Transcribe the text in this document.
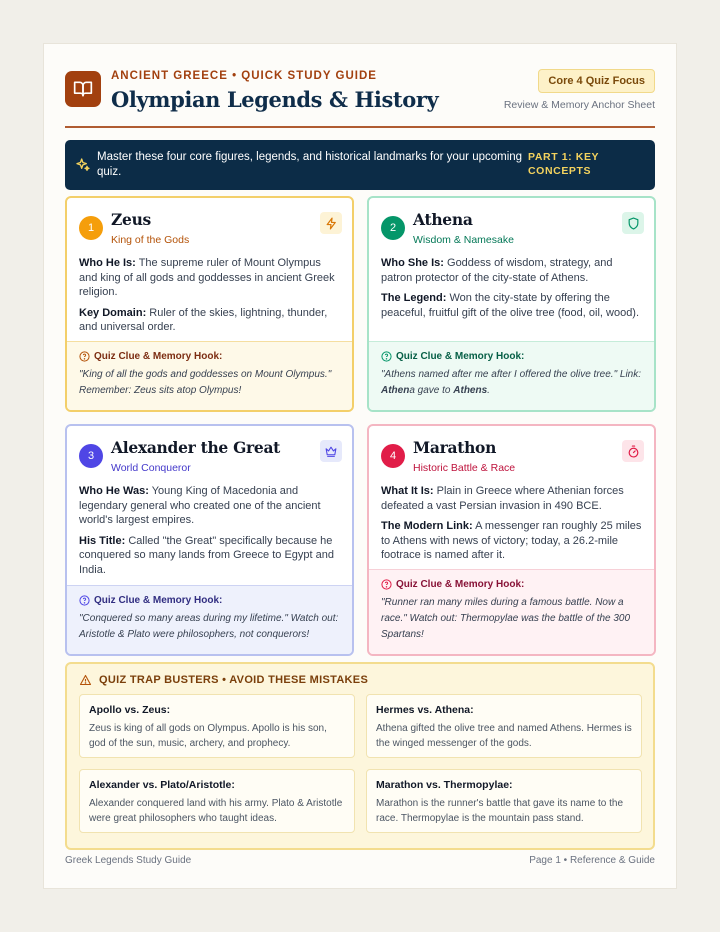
ANCIENT GREECE • QUICK STUDY GUIDE
Olympian Legends & History
Core 4 Quiz Focus
Review & Memory Anchor Sheet
Master these four core figures, legends, and historical landmarks for your upcoming quiz.
PART 1: KEY CONCEPTS
1	Zeus
King of the Gods

Who He Is: The supreme ruler of Mount Olympus and king of all gods and goddesses in ancient Greek religion.

Key Domain: Ruler of the skies, lightning, thunder, and universal order.

Quiz Clue & Memory Hook:
"King of all the gods and goddesses on Mount Olympus." Remember: Zeus sits atop Olympus!
2	Athena
Wisdom & Namesake

Who She Is: Goddess of wisdom, strategy, and patron protector of the city-state of Athens.

The Legend: Won the city-state by offering the peaceful, fruitful gift of the olive tree (food, oil, wood).

Quiz Clue & Memory Hook:
"Athens named after me after I offered the olive tree." Link: Athena gave to Athens.
3	Alexander the Great
World Conqueror

Who He Was: Young King of Macedonia and legendary general who created one of the ancient world's largest empires.

His Title: Called "the Great" specifically because he conquered so many lands from Greece to Egypt and India.

Quiz Clue & Memory Hook:
"Conquered so many areas during my lifetime." Watch out: Aristotle & Plato were philosophers, not conquerors!
4	Marathon
Historic Battle & Race

What It Is: Plain in Greece where Athenian forces defeated a vast Persian invasion in 490 BCE.

The Modern Link: A messenger ran roughly 25 miles to Athens with news of victory; today, a 26.2-mile footrace is named after it.

Quiz Clue & Memory Hook:
"Runner ran many miles during a famous battle. Now a race." Watch out: Thermopylae was the battle of the 300 Spartans!
QUIZ TRAP BUSTERS • AVOID THESE MISTAKES
Apollo vs. Zeus:
Zeus is king of all gods on Olympus. Apollo is his son, god of the sun, music, archery, and prophecy.
Hermes vs. Athena:
Athena gifted the olive tree and named Athens. Hermes is the winged messenger of the gods.
Alexander vs. Plato/Aristotle:
Alexander conquered land with his army. Plato & Aristotle were great philosophers who taught ideas.
Marathon vs. Thermopylae:
Marathon is the runner's battle that gave its name to the race. Thermopylae is the mountain pass stand.
Greek Legends Study Guide	Page 1 • Reference & Guide
